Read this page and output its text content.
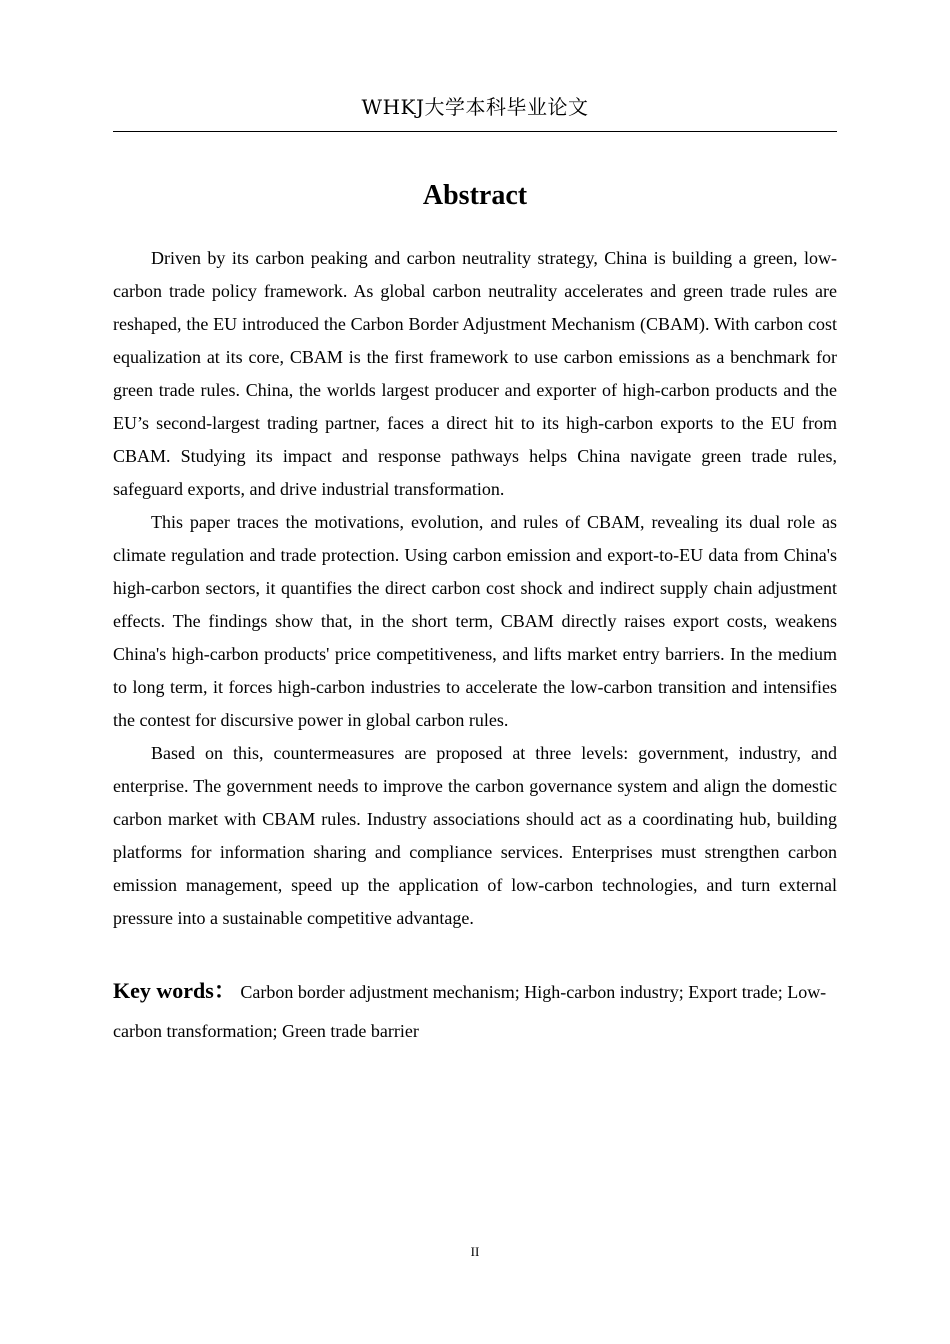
WHKJ大学本科毕业论文
Abstract

Driven by its carbon peaking and carbon neutrality strategy, China is building a green, low-carbon trade policy framework. As global carbon neutrality accelerates and green trade rules are reshaped, the EU introduced the Carbon Border Adjustment Mechanism (CBAM). With carbon cost equalization at its core, CBAM is the first framework to use carbon emissions as a benchmark for green trade rules. China, the worlds largest producer and exporter of high-carbon products and the EU’s second-largest trading partner, faces a direct hit to its high-carbon exports to the EU from CBAM. Studying its impact and response pathways helps China navigate green trade rules, safeguard exports, and drive industrial transformation.

This paper traces the motivations, evolution, and rules of CBAM, revealing its dual role as climate regulation and trade protection. Using carbon emission and export-to-EU data from China's high-carbon sectors, it quantifies the direct carbon cost shock and indirect supply chain adjustment effects. The findings show that, in the short term, CBAM directly raises export costs, weakens China's high-carbon products' price competitiveness, and lifts market entry barriers. In the medium to long term, it forces high-carbon industries to accelerate the low-carbon transition and intensifies the contest for discursive power in global carbon rules.

Based on this, countermeasures are proposed at three levels: government, industry, and enterprise. The government needs to improve the carbon governance system and align the domestic carbon market with CBAM rules. Industry associations should act as a coordinating hub, building platforms for information sharing and compliance services. Enterprises must strengthen carbon emission management, speed up the application of low-carbon technologies, and turn external pressure into a sustainable competitive advantage.

Key words： Carbon border adjustment mechanism; High-carbon industry; Export trade; Low-carbon transformation; Green trade barrier

II
